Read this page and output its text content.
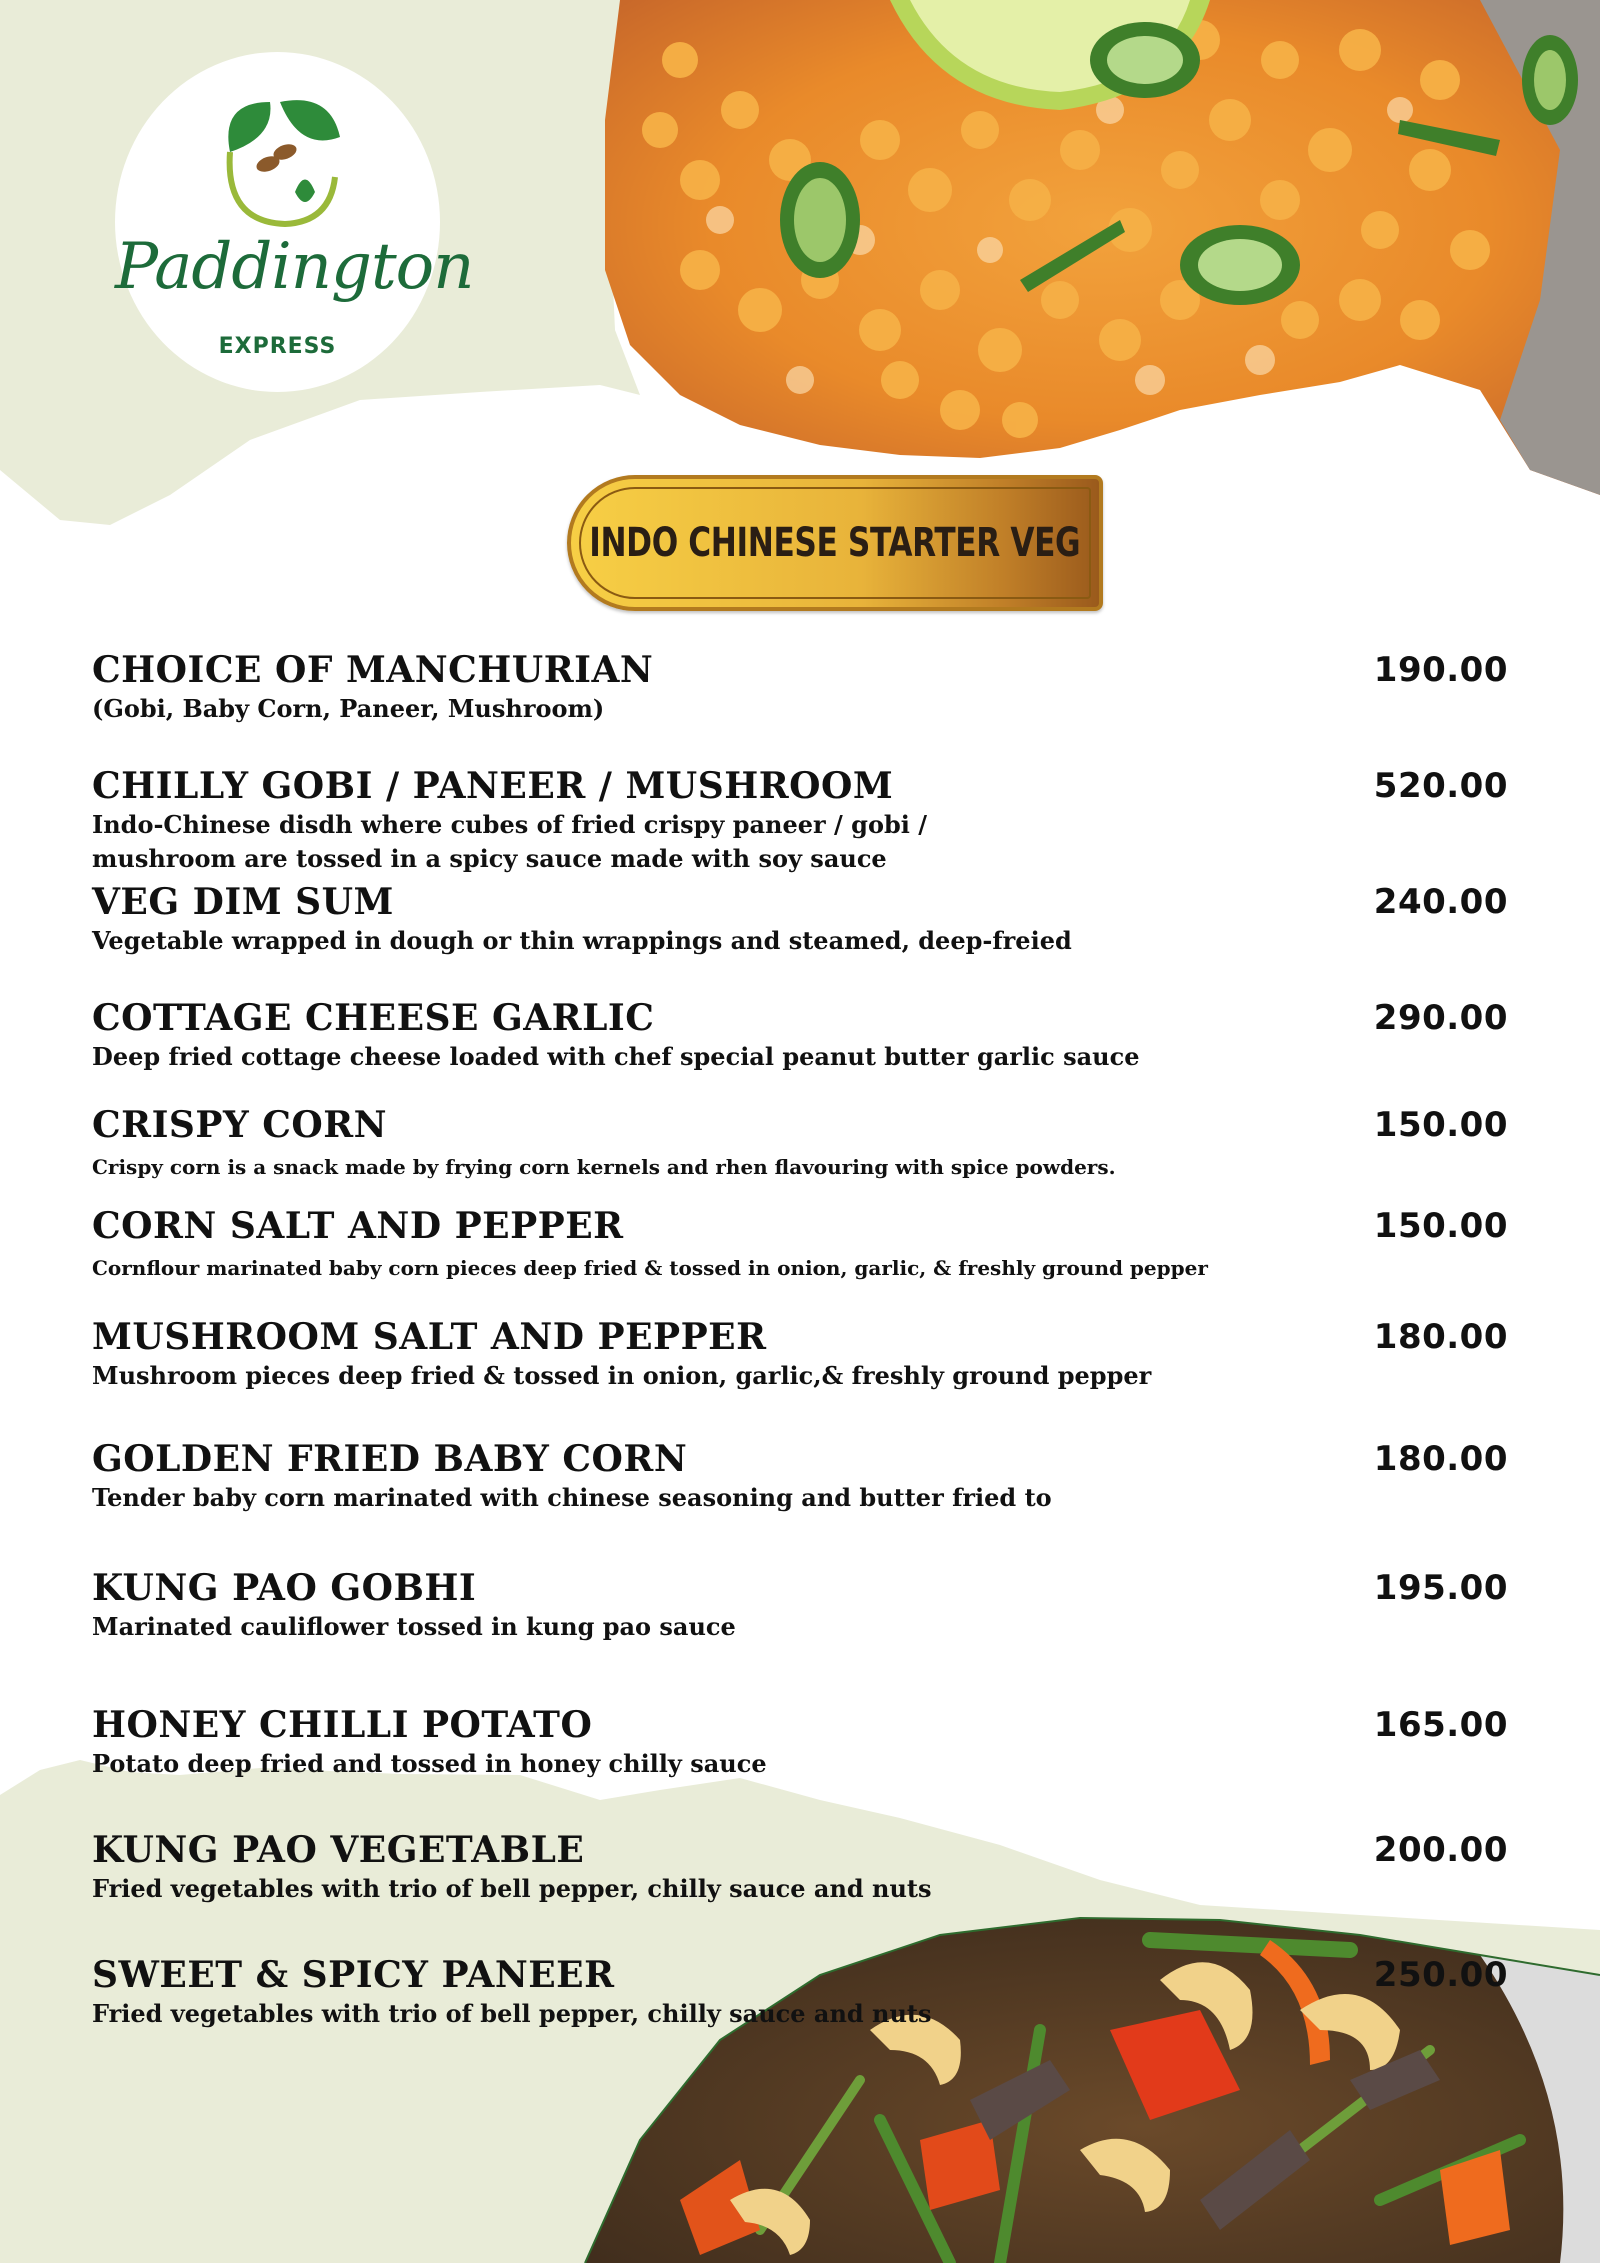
Paddington
EXPRESS
INDO CHINESE STARTER VEG
CHOICE OF MANCHURIAN	190.00
(Gobi, Baby Corn, Paneer, Mushroom)
CHILLY GOBI / PANEER / MUSHROOM	520.00
Indo-Chinese disdh where cubes of fried crispy paneer / gobi /
mushroom are tossed in a spicy sauce made with soy sauce
VEG DIM SUM	240.00
Vegetable wrapped in dough or thin wrappings and steamed, deep-freied
COTTAGE CHEESE GARLIC	290.00
Deep fried cottage cheese loaded with chef special peanut butter garlic sauce
CRISPY CORN	150.00
Crispy corn is a snack made by frying corn kernels and rhen flavouring with spice powders.
CORN SALT AND PEPPER	150.00
Cornflour marinated baby corn pieces deep fried & tossed in onion, garlic, & freshly ground pepper
MUSHROOM SALT AND PEPPER	180.00
Mushroom pieces deep fried & tossed in onion, garlic,& freshly ground pepper
GOLDEN FRIED BABY CORN	180.00
Tender baby corn marinated with chinese seasoning and butter fried to
KUNG PAO GOBHI	195.00
Marinated cauliflower tossed in kung pao sauce
HONEY CHILLI POTATO	165.00
Potato deep fried and tossed in honey chilly sauce
KUNG PAO VEGETABLE	200.00
Fried vegetables with trio of bell pepper, chilly sauce and nuts
SWEET & SPICY PANEER	250.00
Fried vegetables with trio of bell pepper, chilly sauce and nuts
